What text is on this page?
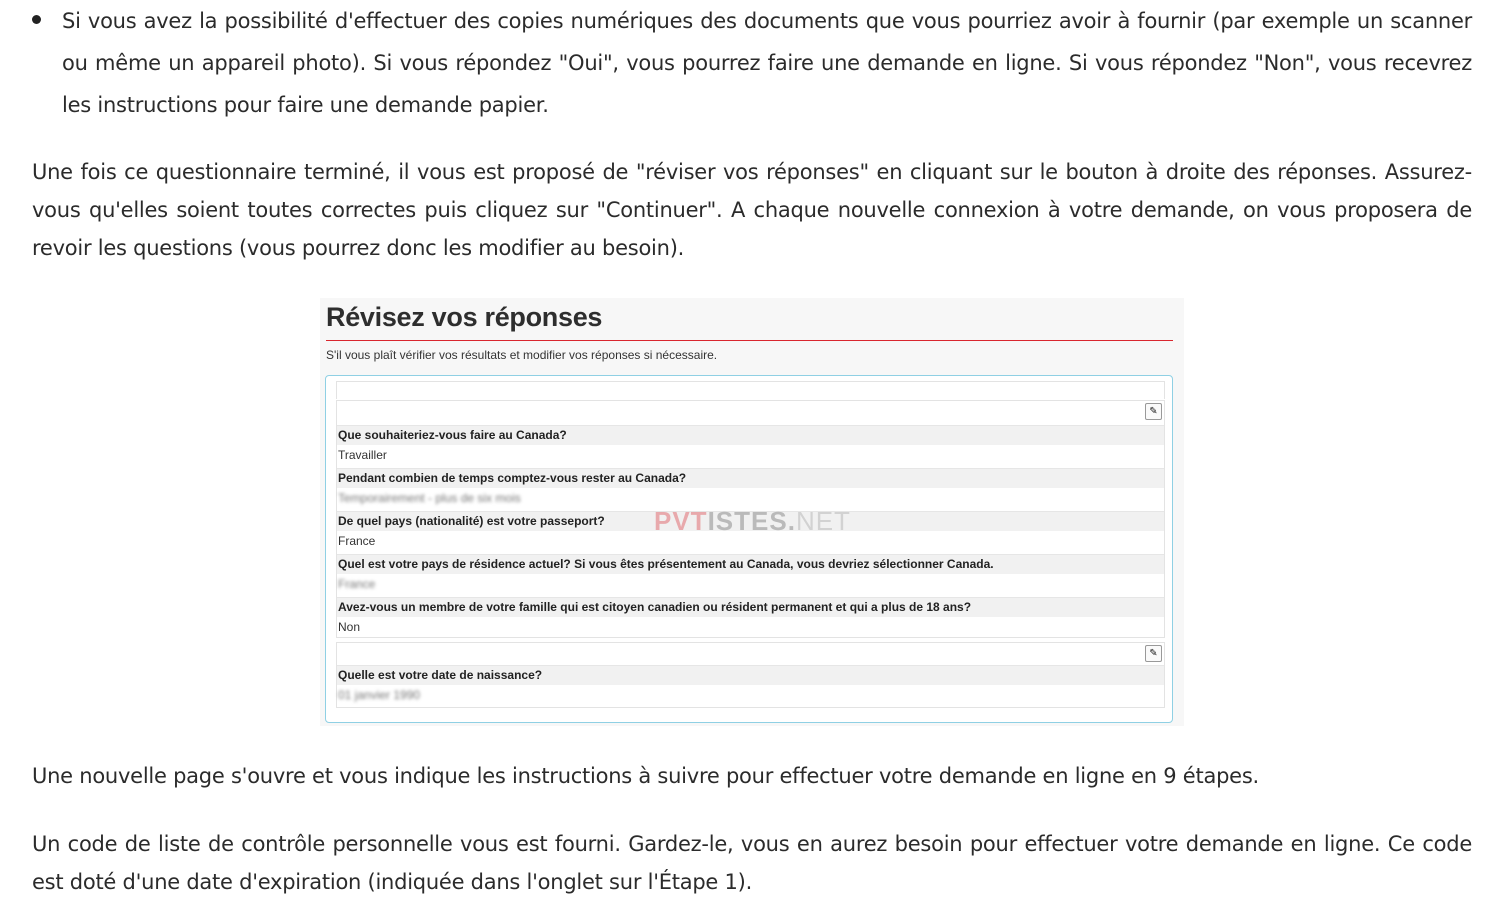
Si vous avez la possibilité d'effectuer des copies numériques des documents que vous pourriez avoir à fournir (par exemple un scanner ou même un appareil photo). Si vous répondez "Oui", vous pourrez faire une demande en ligne. Si vous répondez "Non", vous recevrez les instructions pour faire une demande papier.
Une fois ce questionnaire terminé, il vous est proposé de "réviser vos réponses" en cliquant sur le bouton à droite des réponses. Assurez-vous qu'elles soient toutes correctes puis cliquez sur "Continuer". A chaque nouvelle connexion à votre demande, on vous proposera de revoir les questions (vous pourrez donc les modifier au besoin).
Une nouvelle page s'ouvre et vous indique les instructions à suivre pour effectuer votre demande en ligne en 9 étapes.
Un code de liste de contrôle personnelle vous est fourni. Gardez-le, vous en aurez besoin pour effectuer votre demande en ligne. Ce code est doté d'une date d'expiration (indiquée dans l'onglet sur l'Étape 1).
Révisez vos réponses
S'il vous plaît vérifier vos résultats et modifier vos réponses si nécessaire.
✎
Que souhaiteriez-vous faire au Canada?
Travailler
Pendant combien de temps comptez-vous rester au Canada?
Temporairement - plus de six mois
De quel pays (nationalité) est votre passeport?
France
Quel est votre pays de résidence actuel? Si vous êtes présentement au Canada, vous devriez sélectionner Canada.
France
Avez-vous un membre de votre famille qui est citoyen canadien ou résident permanent et qui a plus de 18 ans?
Non
✎
Quelle est votre date de naissance?
01 janvier 1990
PVTISTES.NET
